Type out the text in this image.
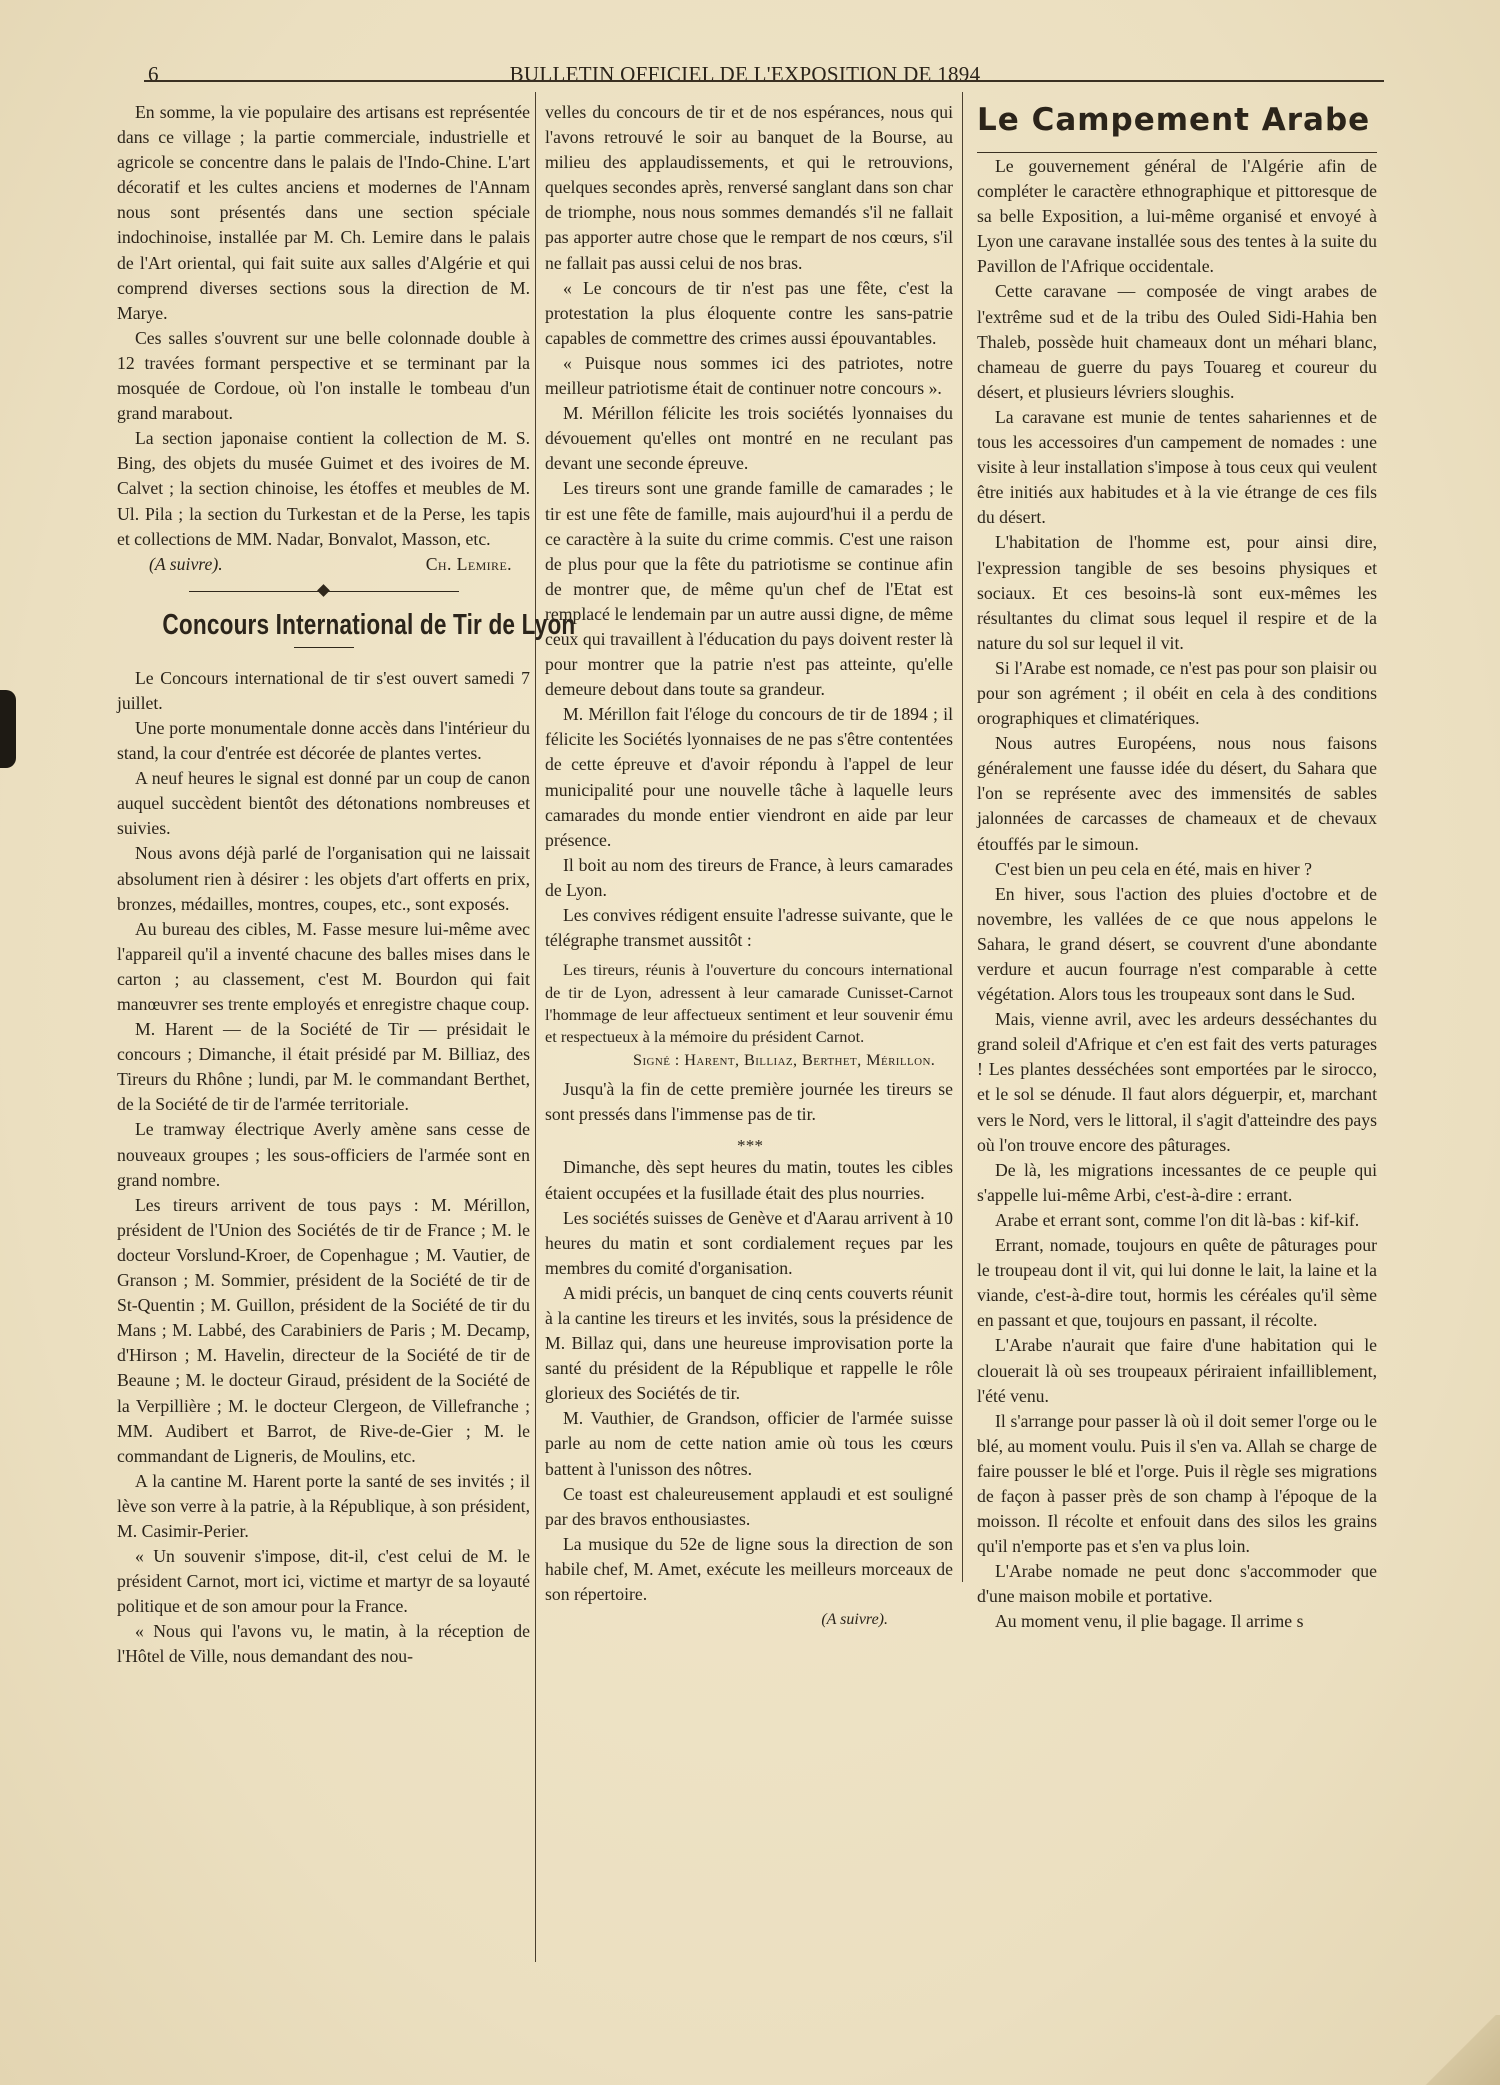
6	BULLETIN OFFICIEL DE L'EXPOSITION DE 1894

En somme, la vie populaire des artisans est représentée dans ce village ; la partie commerciale, industrielle et agricole se concentre dans le palais de l'Indo-Chine. L'art décoratif et les cultes anciens et modernes de l'Annam nous sont présentés dans une section spéciale indochinoise, installée par M. Ch. Lemire dans le palais de l'Art oriental, qui fait suite aux salles d'Algérie et qui comprend diverses sections sous la direction de M. Marye.

Ces salles s'ouvrent sur une belle colonnade double à 12 travées formant perspective et se terminant par la mosquée de Cordoue, où l'on installe le tombeau d'un grand marabout.

La section japonaise contient la collection de M. S. Bing, des objets du musée Guimet et des ivoires de M. Calvet ; la section chinoise, les étoffes et meubles de M. Ul. Pila ; la section du Turkestan et de la Perse, les tapis et collections de MM. Nadar, Bonvalot, Masson, etc.

(A suivre).	Ch. Lemire.
Concours International de Tir de Lyon

Le Concours international de tir s'est ouvert samedi 7 juillet.

Une porte monumentale donne accès dans l'intérieur du stand, la cour d'entrée est décorée de plantes vertes.

A neuf heures le signal est donné par un coup de canon auquel succèdent bientôt des détonations nombreuses et suivies.

Nous avons déjà parlé de l'organisation qui ne laissait absolument rien à désirer : les objets d'art offerts en prix, bronzes, médailles, montres, coupes, etc., sont exposés.

Au bureau des cibles, M. Fasse mesure lui-même avec l'appareil qu'il a inventé chacune des balles mises dans le carton ; au classement, c'est M. Bourdon qui fait manœuvrer ses trente employés et enregistre chaque coup.

M. Harent — de la Société de Tir — présidait le concours ; Dimanche, il était présidé par M. Billiaz, des Tireurs du Rhône ; lundi, par M. le commandant Berthet, de la Société de tir de l'armée territoriale.

Le tramway électrique Averly amène sans cesse de nouveaux groupes ; les sous-officiers de l'armée sont en grand nombre.

Les tireurs arrivent de tous pays : M. Mérillon, président de l'Union des Sociétés de tir de France ; M. le docteur Vorslund-Kroer, de Copenhague ; M. Vautier, de Granson ; M. Sommier, président de la Société de tir de St-Quentin ; M. Guillon, président de la Société de tir du Mans ; M. Labbé, des Carabiniers de Paris ; M. Decamp, d'Hirson ; M. Havelin, directeur de la Société de tir de Beaune ; M. le docteur Giraud, président de la Société de la Verpillière ; M. le docteur Clergeon, de Villefranche ; MM. Audibert et Barrot, de Rive-de-Gier ; M. le commandant de Ligneris, de Moulins, etc.

A la cantine M. Harent porte la santé de ses invités ; il lève son verre à la patrie, à la République, à son président, M. Casimir-Perier.

« Un souvenir s'impose, dit-il, c'est celui de M. le président Carnot, mort ici, victime et martyr de sa loyauté politique et de son amour pour la France.

« Nous qui l'avons vu, le matin, à la réception de l'Hôtel de Ville, nous demandant des nou-

velles du concours de tir et de nos espérances, nous qui l'avons retrouvé le soir au banquet de la Bourse, au milieu des applaudissements, et qui le retrouvions, quelques secondes après, renversé sanglant dans son char de triomphe, nous nous sommes demandés s'il ne fallait pas apporter autre chose que le rempart de nos cœurs, s'il ne fallait pas aussi celui de nos bras.

« Le concours de tir n'est pas une fête, c'est la protestation la plus éloquente contre les sans-patrie capables de commettre des crimes aussi épouvantables.

« Puisque nous sommes ici des patriotes, notre meilleur patriotisme était de continuer notre concours ».

M. Mérillon félicite les trois sociétés lyonnaises du dévouement qu'elles ont montré en ne reculant pas devant une seconde épreuve.

Les tireurs sont une grande famille de camarades ; le tir est une fête de famille, mais aujourd'hui il a perdu de ce caractère à la suite du crime commis. C'est une raison de plus pour que la fête du patriotisme se continue afin de montrer que, de même qu'un chef de l'Etat est remplacé le lendemain par un autre aussi digne, de même ceux qui travaillent à l'éducation du pays doivent rester là pour montrer que la patrie n'est pas atteinte, qu'elle demeure debout dans toute sa grandeur.

M. Mérillon fait l'éloge du concours de tir de 1894 ; il félicite les Sociétés lyonnaises de ne pas s'être contentées de cette épreuve et d'avoir répondu à l'appel de leur municipalité pour une nouvelle tâche à laquelle leurs camarades du monde entier viendront en aide par leur présence.

Il boit au nom des tireurs de France, à leurs camarades de Lyon.

Les convives rédigent ensuite l'adresse suivante, que le télégraphe transmet aussitôt :

Les tireurs, réunis à l'ouverture du concours international de tir de Lyon, adressent à leur camarade Cunisset-Carnot l'hommage de leur affectueux sentiment et leur souvenir ému et respectueux à la mémoire du président Carnot.

Signé : Harent, Billiaz, Berthet, Mérillon.

Jusqu'à la fin de cette première journée les tireurs se sont pressés dans l'immense pas de tir.

* * *

Dimanche, dès sept heures du matin, toutes les cibles étaient occupées et la fusillade était des plus nourries.

Les sociétés suisses de Genève et d'Aarau arrivent à 10 heures du matin et sont cordialement reçues par les membres du comité d'organisation.

A midi précis, un banquet de cinq cents couverts réunit à la cantine les tireurs et les invités, sous la présidence de M. Billaz qui, dans une heureuse improvisation porte la santé du président de la République et rappelle le rôle glorieux des Sociétés de tir.

M. Vauthier, de Grandson, officier de l'armée suisse parle au nom de cette nation amie où tous les cœurs battent à l'unisson des nôtres.

Ce toast est chaleureusement applaudi et est souligné par des bravos enthousiastes.

La musique du 52e de ligne sous la direction de son habile chef, M. Amet, exécute les meilleurs morceaux de son répertoire.

(A suivre).
Le Campement Arabe

Le gouvernement général de l'Algérie afin de compléter le caractère ethnographique et pittoresque de sa belle Exposition, a lui-même organisé et envoyé à Lyon une caravane installée sous des tentes à la suite du Pavillon de l'Afrique occidentale.

Cette caravane — composée de vingt arabes de l'extrême sud et de la tribu des Ouled Sidi-Hahia ben Thaleb, possède huit chameaux dont un méhari blanc, chameau de guerre du pays Touareg et coureur du désert, et plusieurs lévriers sloughis.

La caravane est munie de tentes sahariennes et de tous les accessoires d'un campement de nomades : une visite à leur installation s'impose à tous ceux qui veulent être initiés aux habitudes et à la vie étrange de ces fils du désert.

L'habitation de l'homme est, pour ainsi dire, l'expression tangible de ses besoins physiques et sociaux. Et ces besoins-là sont eux-mêmes les résultantes du climat sous lequel il respire et de la nature du sol sur lequel il vit.

Si l'Arabe est nomade, ce n'est pas pour son plaisir ou pour son agrément ; il obéit en cela à des conditions orographiques et climatériques.

Nous autres Européens, nous nous faisons généralement une fausse idée du désert, du Sahara que l'on se représente avec des immensités de sables jalonnées de carcasses de chameaux et de chevaux étouffés par le simoun.

C'est bien un peu cela en été, mais en hiver ?

En hiver, sous l'action des pluies d'octobre et de novembre, les vallées de ce que nous appelons le Sahara, le grand désert, se couvrent d'une abondante verdure et aucun fourrage n'est comparable à cette végétation. Alors tous les troupeaux sont dans le Sud.

Mais, vienne avril, avec les ardeurs desséchantes du grand soleil d'Afrique et c'en est fait des verts paturages ! Les plantes desséchées sont emportées par le sirocco, et le sol se dénude. Il faut alors déguerpir, et, marchant vers le Nord, vers le littoral, il s'agit d'atteindre des pays où l'on trouve encore des pâturages.

De là, les migrations incessantes de ce peuple qui s'appelle lui-même Arbi, c'est-à-dire : errant.

Arabe et errant sont, comme l'on dit là-bas : kif-kif.

Errant, nomade, toujours en quête de pâturages pour le troupeau dont il vit, qui lui donne le lait, la laine et la viande, c'est-à-dire tout, hormis les céréales qu'il sème en passant et que, toujours en passant, il récolte.

L'Arabe n'aurait que faire d'une habitation qui le clouerait là où ses troupeaux périraient infailliblement, l'été venu.

Il s'arrange pour passer là où il doit semer l'orge ou le blé, au moment voulu. Puis il s'en va. Allah se charge de faire pousser le blé et l'orge. Puis il règle ses migrations de façon à passer près de son champ à l'époque de la moisson. Il récolte et enfouit dans des silos les grains qu'il n'emporte pas et s'en va plus loin.

L'Arabe nomade ne peut donc s'accommoder que d'une maison mobile et portative.

Au moment venu, il plie bagage. Il arrime s
